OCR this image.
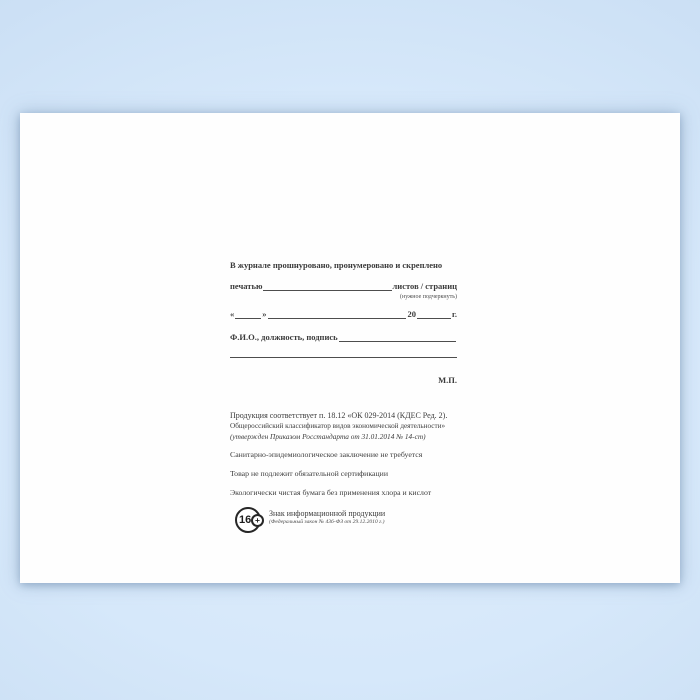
В журнале прошнуровано, пронумеровано и скреплено
печатью	листов / страниц
(нужное подчеркнуть)
«	»	20	г.
Ф.И.О., должность, подпись
М.П.
Продукция соответствует п. 18.12 «ОК 029-2014 (КДЕС Ред. 2).
Общероссийский классификатор видов экономической деятельности»
(утвержден Приказом Росстандарта от 31.01.2014 № 14-ст)
Санитарно-эпидемиологическое заключение не требуется
Товар не подлежит обязательной сертификации
Экологически чистая бумага без применения хлора и кислот
16 +
Знак информационной продукции
(Федеральный закон № 436-ФЗ от 29.12.2010 г.)
